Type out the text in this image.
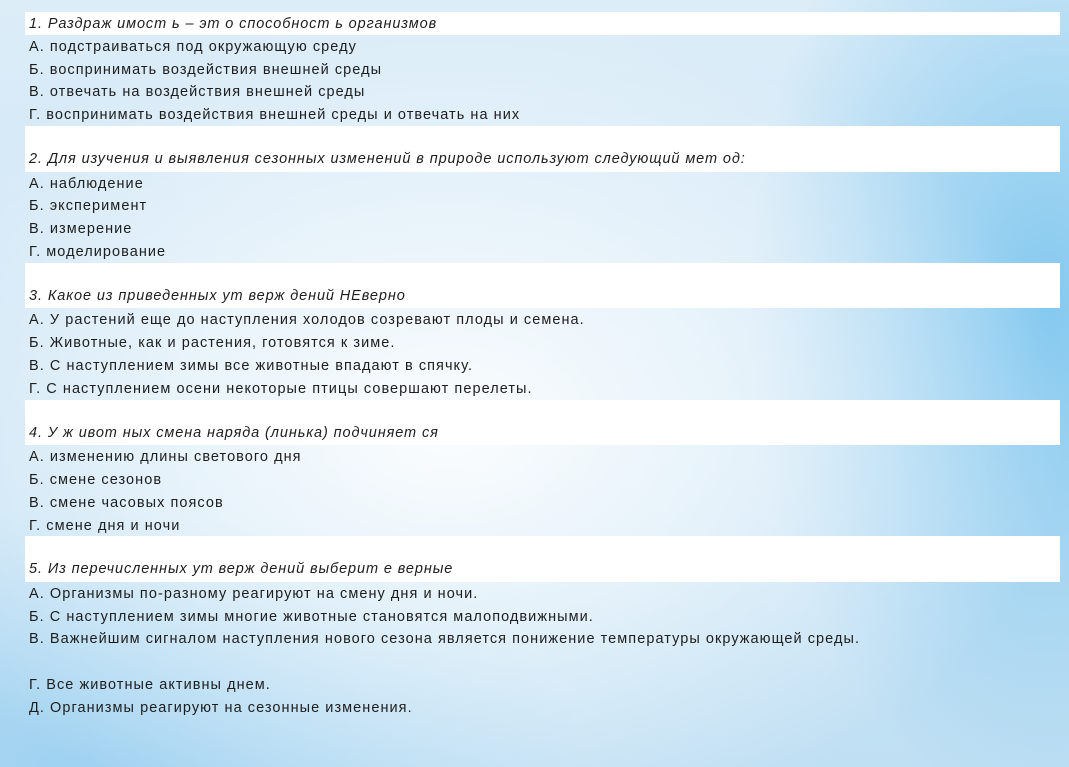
1. Раздраж имост ь – эт о способност ь организмов
А. подстраиваться под окружающую среду
Б. воспринимать воздействия внешней среды
В. отвечать на воздействия внешней среды
Г. воспринимать воздействия внешней среды и отвечать на них
2. Для изучения и выявления сезонных изменений в природе используют следующий мет од:
А. наблюдение
Б. эксперимент
В. измерение
Г. моделирование
3. Какое из приведенных ут верж дений НЕверно
А. У растений еще до наступления холодов созревают плоды и семена.
Б. Животные, как и растения, готовятся к зиме.
В. С наступлением зимы все животные впадают в спячку.
Г. С наступлением осени некоторые птицы совершают перелеты.
4. У ж ивот ных смена наряда (линька) подчиняет ся
А. изменению длины светового дня
Б. смене сезонов
В. смене часовых поясов
Г. смене дня и ночи
5. Из перечисленных ут верж дений выберит е верные
А. Организмы по-разному реагируют на смену дня и ночи.
Б. С наступлением зимы многие животные становятся малоподвижными.
В. Важнейшим сигналом наступления нового сезона является понижение температуры окружающей среды.
Г. Все животные активны днем.
Д. Организмы реагируют на сезонные изменения.
